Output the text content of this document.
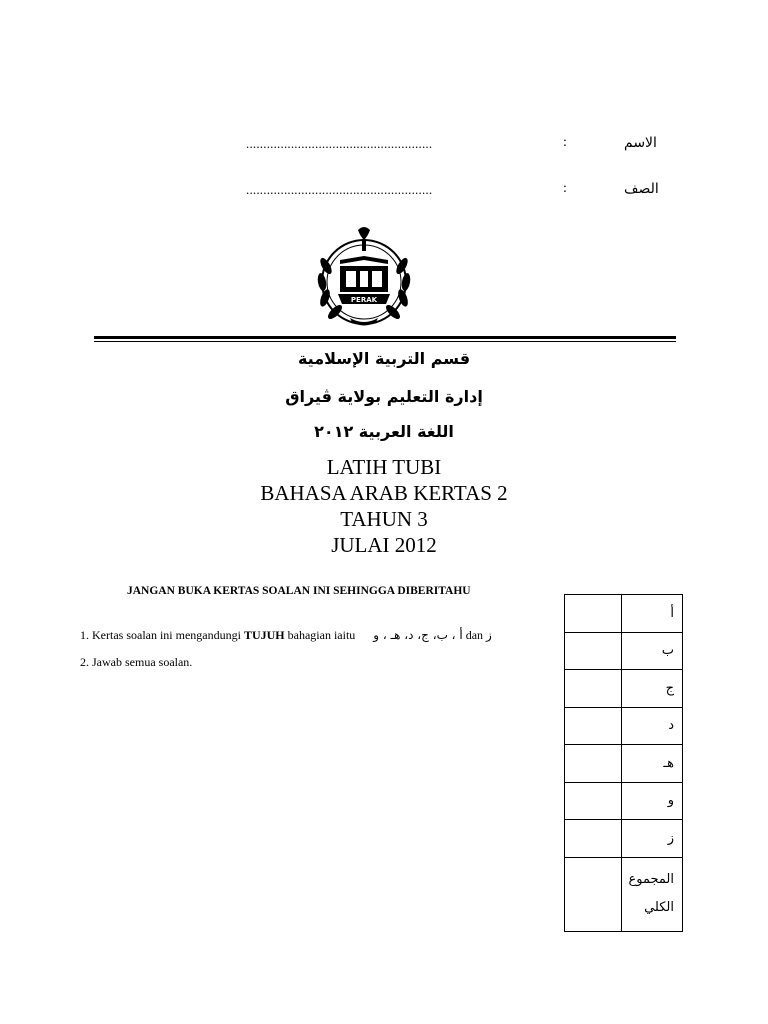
الاسم
:
......................................................
الصف
:
......................................................
PERAK
قسم التربية الإسلامية
إدارة التعليم بولاية ڤيراق
اللغة العربية ٢٠١٢
LATIH TUBI
BAHASA ARAB KERTAS 2
TAHUN 3
JULAI 2012
JANGAN BUKA KERTAS SOALAN INI SEHINGGA DIBERITAHU
1. Kertas soalan ini mengandungi TUJUH bahagian iaitu  أ ، ب، ج، د، هـ ، و dan ز
2. Jawab semua soalan.
	أ
	ب
	ج
	د
	هـ
	و
	ز

	المجموع
الكلي
